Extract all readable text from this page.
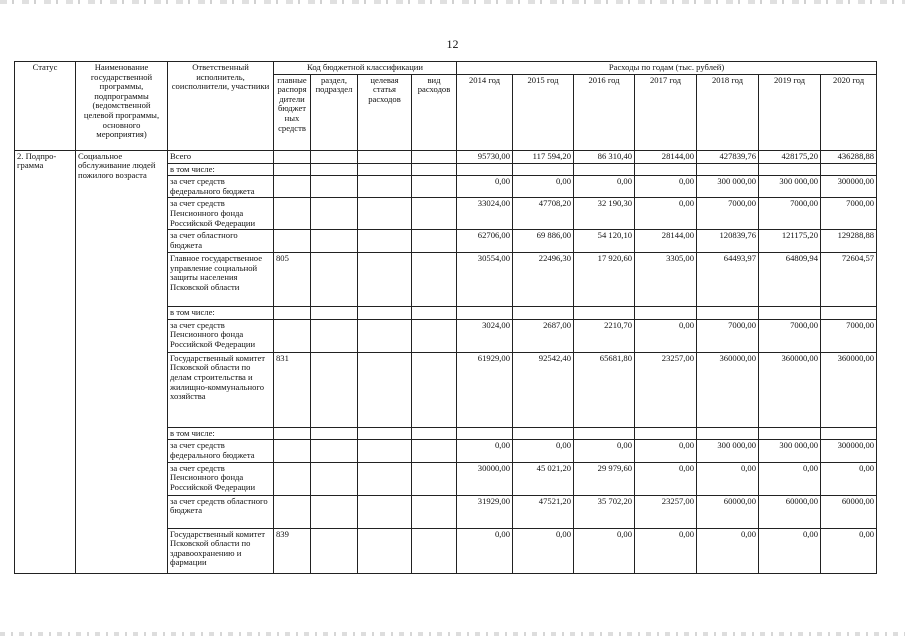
12
Статус	Наименование государственной программы, подпрограммы (ведомственной целевой программы, основного мероприятия)	Ответственный исполнитель, соисполнители, участники	Код бюджетной классификации				Расходы по годам (тыс. рублей)						
			главные распоря дители бюджет ных средств	раздел, подраздел	целевая статья расходов	вид расходов	2014 год	2015 год	2016 год	2017 год	2018 год	2019 год	2020 год
2. Подпро-грамма	Социальное обслуживание людей пожилого возраста	Всего					95730,00	117 594,20	86 310,40	28144,00	427839,76	428175,20	436288,88
		в том числе:											
		за счет средств федерального бюджета					0,00	0,00	0,00	0,00	300 000,00	300 000,00	300000,00
		за счет средств Пенсионного фонда Российской Федерации					33024,00	47708,20	32 190,30	0,00	7000,00	7000,00	7000,00
		за счет областного бюджета					62706,00	69 886,00	54 120,10	28144,00	120839,76	121175,20	129288,88
		Главное государственное управление социальной защиты населения Псковской области	805				30554,00	22496,30	17 920,60	3305,00	64493,97	64809,94	72604,57
		в том числе:											
		за счет средств Пенсионного фонда Российской Федерации					3024,00	2687,00	2210,70	0,00	7000,00	7000,00	7000,00
		Государственный комитет Псковской области по делам строительства и жилищно-коммунального хозяйства	831				61929,00	92542,40	65681,80	23257,00	360000,00	360000,00	360000,00
		в том числе:											
		за счет средств федерального бюджета					0,00	0,00	0,00	0,00	300 000,00	300 000,00	300000,00
		за счет средств Пенсионного фонда Российской Федерации					30000,00	45 021,20	29 979,60	0,00	0,00	0,00	0,00
		за счет средств областного бюджета					31929,00	47521,20	35 702,20	23257,00	60000,00	60000,00	60000,00
		Государственный комитет Псковской области по здравоохранению и фармации	839				0,00	0,00	0,00	0,00	0,00	0,00	0,00
